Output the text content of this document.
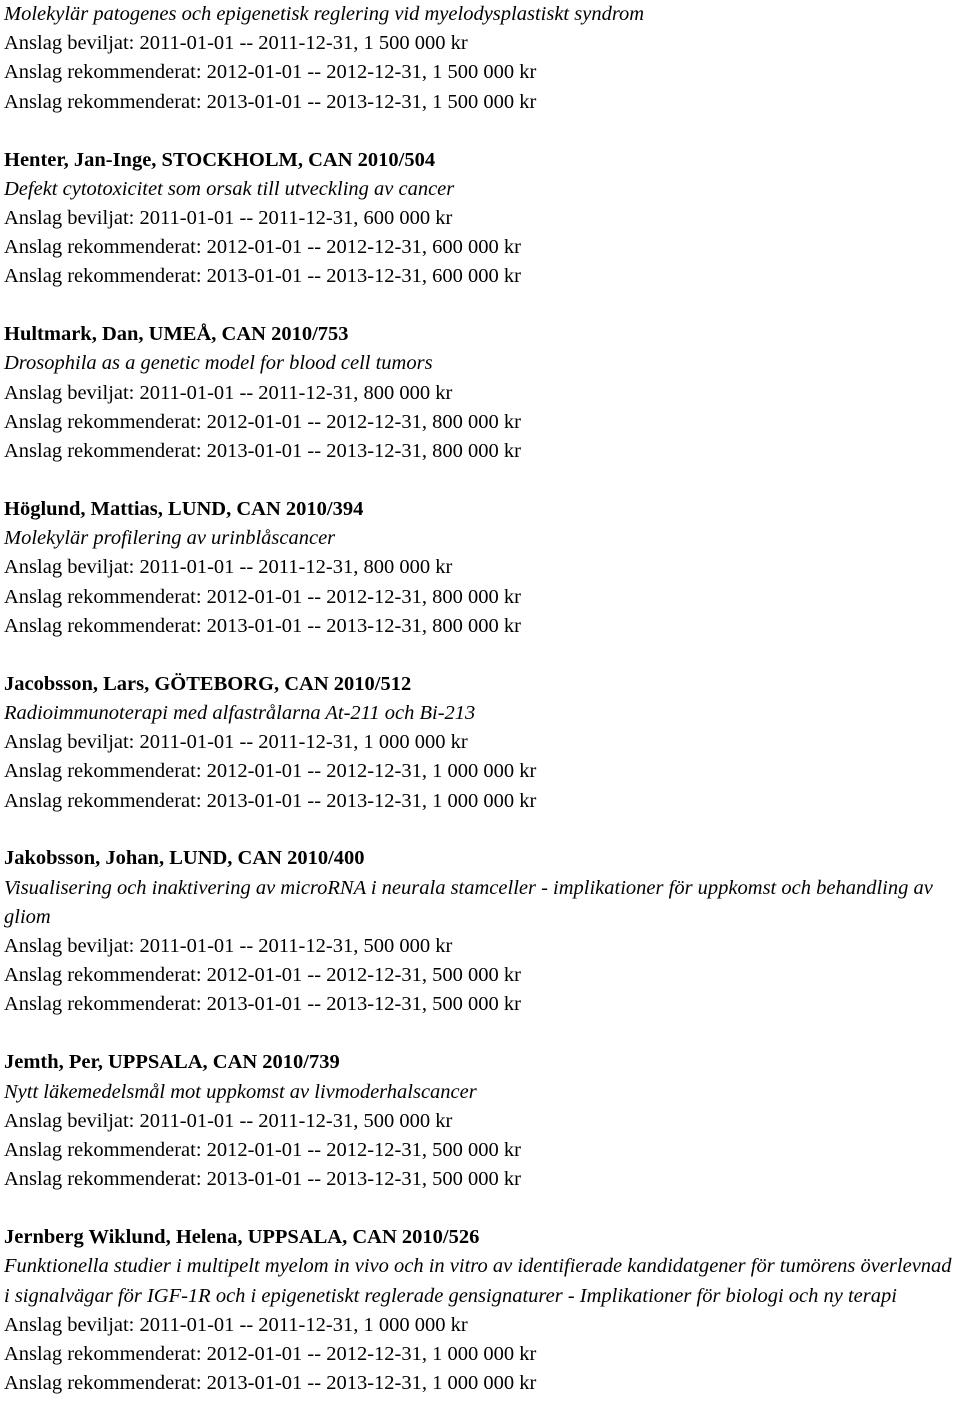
Molekylär patogenes och epigenetisk reglering vid myelodysplastiskt syndrom
Anslag beviljat: 2011-01-01 -- 2011-12-31, 1 500 000 kr
Anslag rekommenderat: 2012-01-01 -- 2012-12-31, 1 500 000 kr
Anslag rekommenderat: 2013-01-01 -- 2013-12-31, 1 500 000 kr
Henter, Jan-Inge, STOCKHOLM, CAN 2010/504
Defekt cytotoxicitet som orsak till utveckling av cancer
Anslag beviljat: 2011-01-01 -- 2011-12-31, 600 000 kr
Anslag rekommenderat: 2012-01-01 -- 2012-12-31, 600 000 kr
Anslag rekommenderat: 2013-01-01 -- 2013-12-31, 600 000 kr
Hultmark, Dan, UMEÅ, CAN 2010/753
Drosophila as a genetic model for blood cell tumors
Anslag beviljat: 2011-01-01 -- 2011-12-31, 800 000 kr
Anslag rekommenderat: 2012-01-01 -- 2012-12-31, 800 000 kr
Anslag rekommenderat: 2013-01-01 -- 2013-12-31, 800 000 kr
Höglund, Mattias, LUND, CAN 2010/394
Molekylär profilering av urinblåscancer
Anslag beviljat: 2011-01-01 -- 2011-12-31, 800 000 kr
Anslag rekommenderat: 2012-01-01 -- 2012-12-31, 800 000 kr
Anslag rekommenderat: 2013-01-01 -- 2013-12-31, 800 000 kr
Jacobsson, Lars, GÖTEBORG, CAN 2010/512
Radioimmunoterapi med alfastrålarna At-211 och Bi-213
Anslag beviljat: 2011-01-01 -- 2011-12-31, 1 000 000 kr
Anslag rekommenderat: 2012-01-01 -- 2012-12-31, 1 000 000 kr
Anslag rekommenderat: 2013-01-01 -- 2013-12-31, 1 000 000 kr
Jakobsson, Johan, LUND, CAN 2010/400
Visualisering och inaktivering av microRNA i neurala stamceller - implikationer för uppkomst och behandling av gliom
Anslag beviljat: 2011-01-01 -- 2011-12-31, 500 000 kr
Anslag rekommenderat: 2012-01-01 -- 2012-12-31, 500 000 kr
Anslag rekommenderat: 2013-01-01 -- 2013-12-31, 500 000 kr
Jemth, Per, UPPSALA, CAN 2010/739
Nytt läkemedelsmål mot uppkomst av livmoderhalscancer
Anslag beviljat: 2011-01-01 -- 2011-12-31, 500 000 kr
Anslag rekommenderat: 2012-01-01 -- 2012-12-31, 500 000 kr
Anslag rekommenderat: 2013-01-01 -- 2013-12-31, 500 000 kr
Jernberg Wiklund, Helena, UPPSALA, CAN 2010/526
Funktionella studier i multipelt myelom in vivo och in vitro av identifierade kandidatgener för tumörens överlevnad i signalvägar för IGF-1R och i epigenetiskt reglerade gensignaturer - Implikationer för biologi och ny terapi
Anslag beviljat: 2011-01-01 -- 2011-12-31, 1 000 000 kr
Anslag rekommenderat: 2012-01-01 -- 2012-12-31, 1 000 000 kr
Anslag rekommenderat: 2013-01-01 -- 2013-12-31, 1 000 000 kr
